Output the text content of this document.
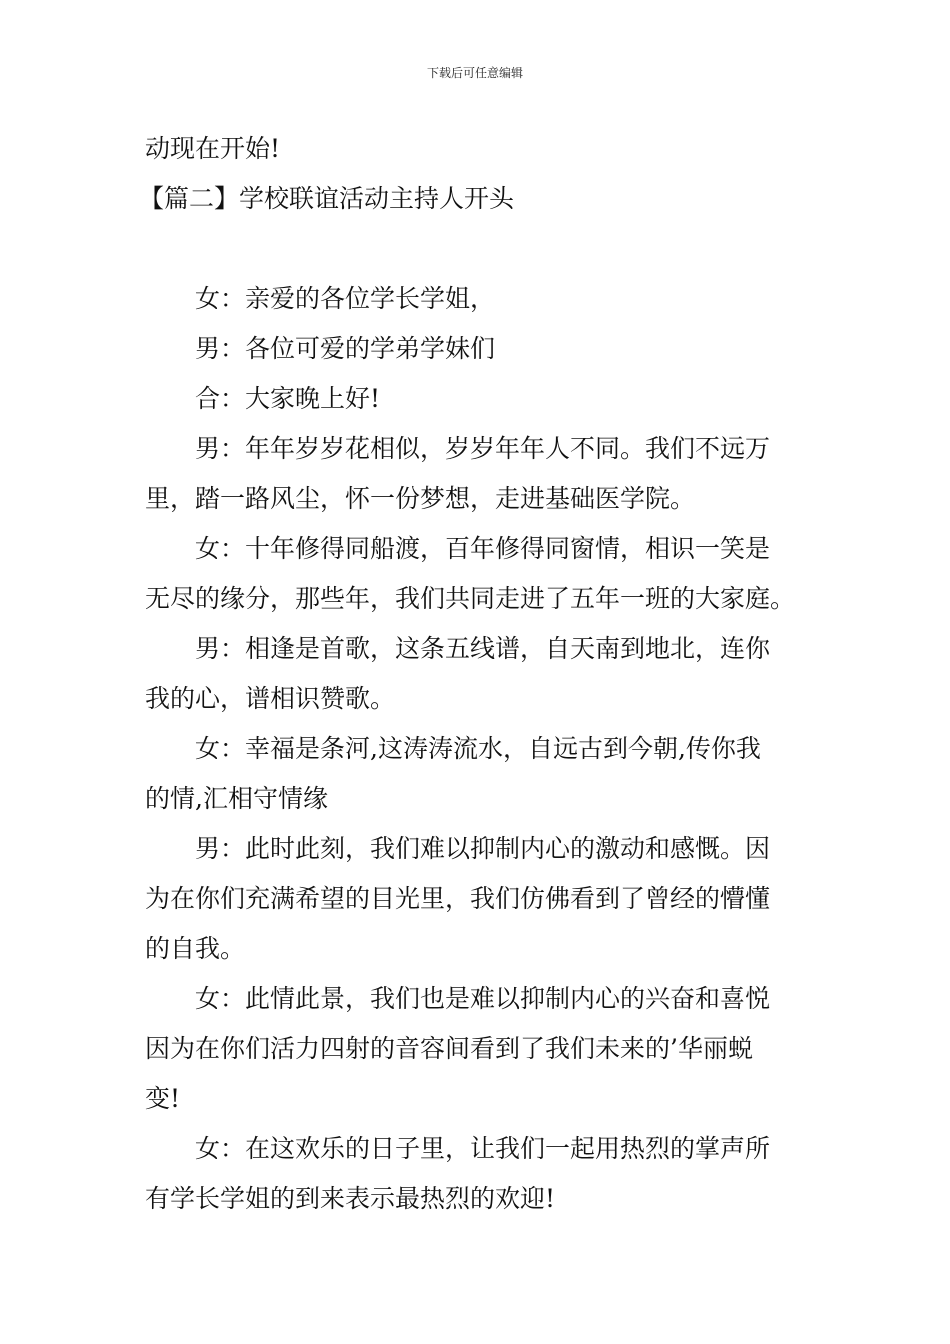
下载后可任意编辑
动现在开始!
【篇二】学校联谊活动主持人开头
女：亲爱的各位学长学姐，
男：各位可爱的学弟学妹们
合：大家晚上好!
男：年年岁岁花相似，岁岁年年人不同。我们不远万
里，踏一路风尘，怀一份梦想，走进基础医学院。
女：十年修得同船渡，百年修得同窗情，相识一笑是
无尽的缘分，那些年，我们共同走进了五年一班的大家庭。
男：相逢是首歌，这条五线谱，自天南到地北，连你
我的心，谱相识赞歌。
女：幸福是条河,这涛涛流水，自远古到今朝,传你我
的情,汇相守情缘
男：此时此刻，我们难以抑制内心的激动和感慨。因
为在你们充满希望的目光里，我们仿佛看到了曾经的懵懂
的自我。
女：此情此景，我们也是难以抑制内心的兴奋和喜悦
因为在你们活力四射的音容间看到了我们未来的’华丽蜕
变!
女：在这欢乐的日子里，让我们一起用热烈的掌声所
有学长学姐的到来表示最热烈的欢迎!
